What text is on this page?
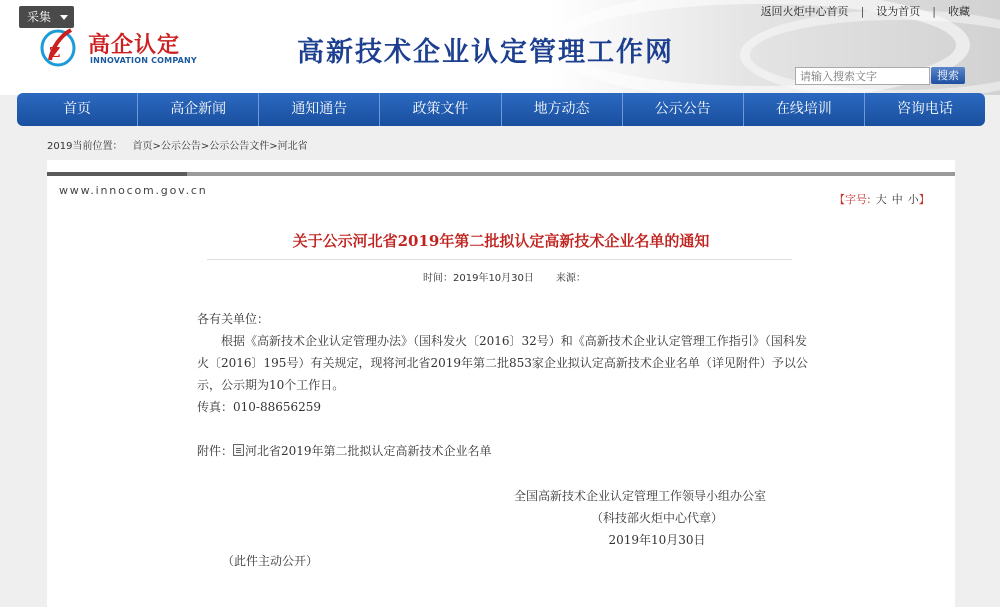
采集
z 高企认定
INNOVATION COMPANY	高新技术企业认定管理工作网
返回火炬中心首页 | 设为首页 | 收藏
请输入搜索文字
搜索
首页	高企新闻	通知通告	政策文件	地方动态	公示公告	在线培训	咨询电话
2019当前位置： 首页>公示公告>公示公告文件>河北省
www.innocom.gov.cn
【字号: 大 中 小】
关于公示河北省2019年第二批拟认定高新技术企业名单的通知
时间：2019年10月30日 来源：

各有关单位：

根据《高新技术企业认定管理办法》（国科发火〔2016〕32号）和《高新技术企业认定管理工作指引》（国科发火〔2016〕195号）有关规定，现将河北省2019年第二批853家企业拟认定高新技术企业名单（详见附件）予以公示，公示期为10个工作日。

传真：010-88656259

附件： 河北省2019年第二批拟认定高新技术企业名单
全国高新技术企业认定管理工作领导小组办公室
（科技部火炬中心代章）
2019年10月30日
（此件主动公开）
